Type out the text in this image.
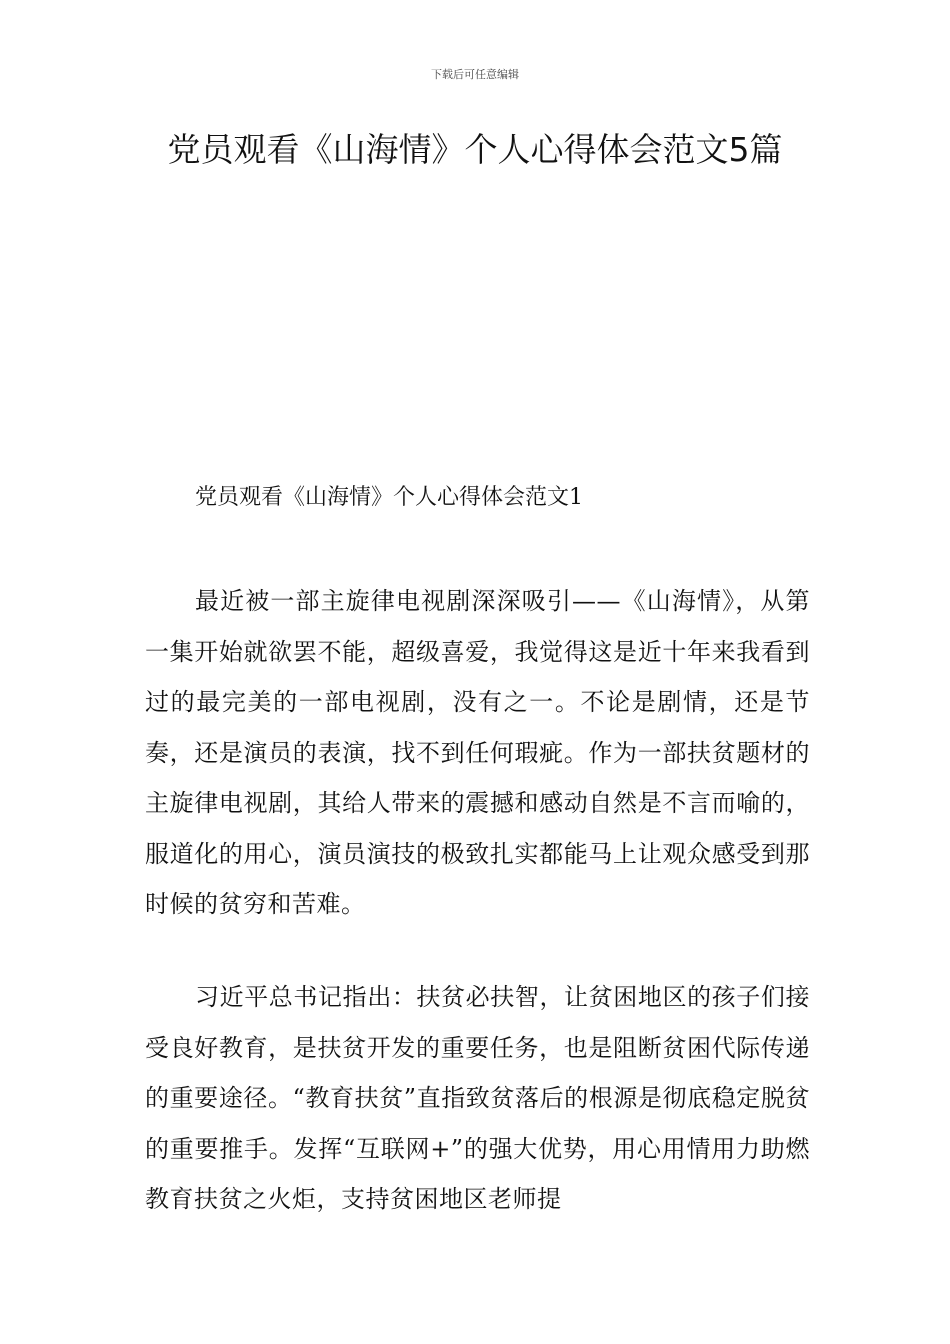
下载后可任意编辑
党员观看《山海情》个人心得体会范文5篇
党员观看《山海情》个人心得体会范文1

最近被一部主旋律电视剧深深吸引——《山海情》，从第一集开始就欲罢不能，超级喜爱，我觉得这是近十年来我看到过的最完美的一部电视剧，没有之一。不论是剧情，还是节奏，还是演员的表演，找不到任何瑕疵。作为一部扶贫题材的主旋律电视剧，其给人带来的震撼和感动自然是不言而喻的，服道化的用心，演员演技的极致扎实都能马上让观众感受到那时候的贫穷和苦难。

习近平总书记指出：扶贫必扶智，让贫困地区的孩子们接受良好教育，是扶贫开发的重要任务，也是阻断贫困代际传递的重要途径。“教育扶贫”直指致贫落后的根源是彻底稳定脱贫的重要推手。发挥“互联网+”的强大优势，用心用情用力助燃教育扶贫之火炬，支持贫困地区老师提
